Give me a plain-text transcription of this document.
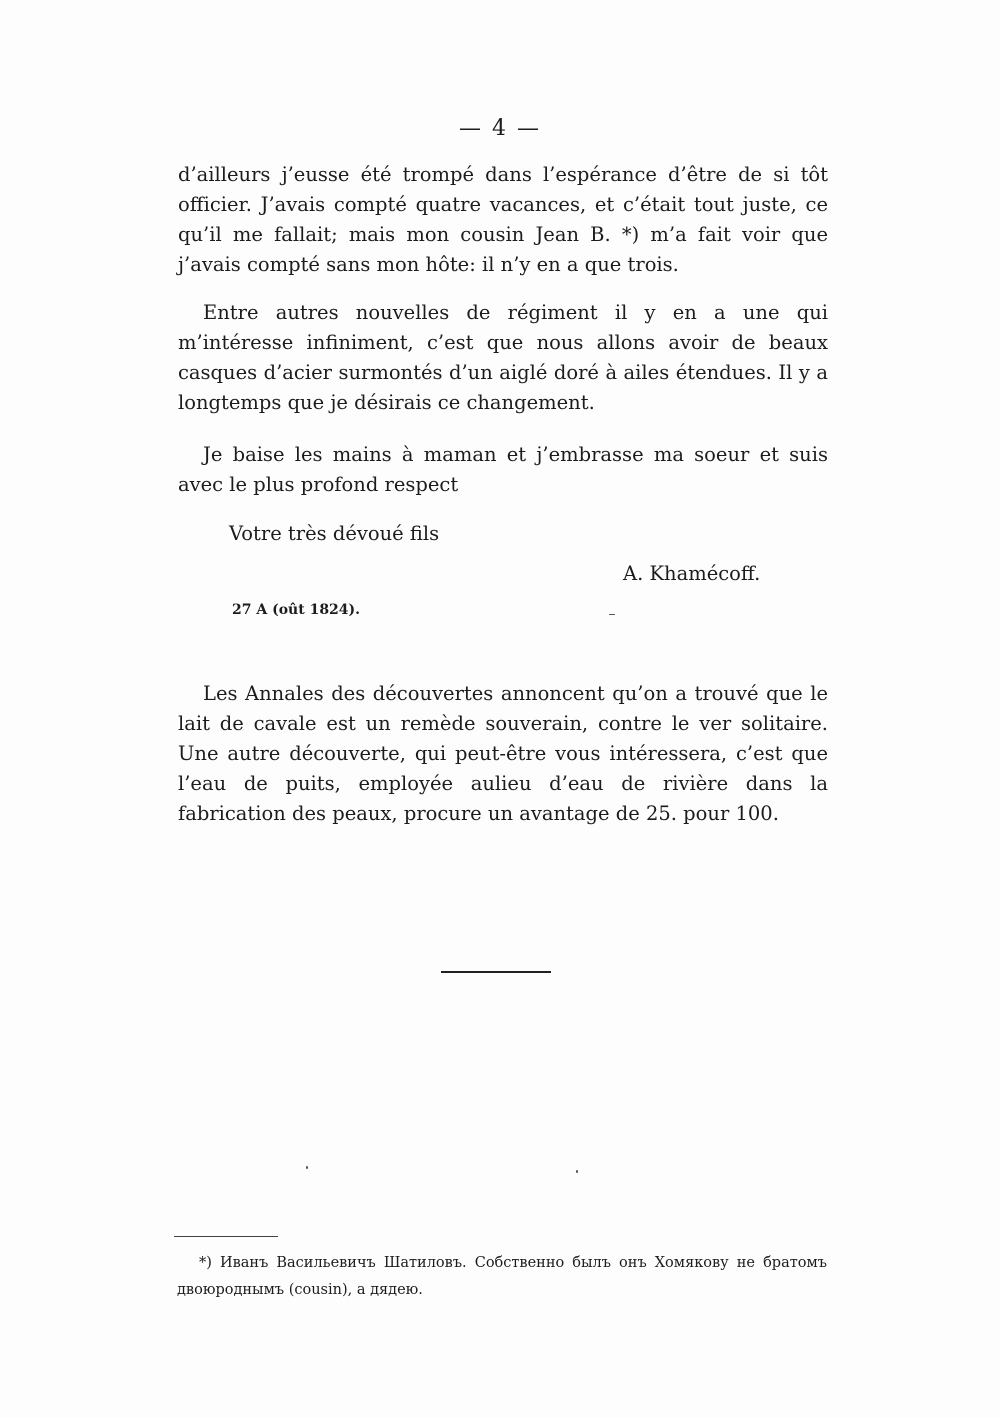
— 4 —

d’ailleurs j’eusse été trompé dans l’espérance d’être de si tôt officier. J’avais compté quatre vacances, et c’était tout juste, ce qu’il me fallait; mais mon cousin Jean B. *) m’a fait voir que j’avais compté sans mon hôte: il n’y en a que trois.

Entre autres nouvelles de régiment il y en a une qui m’intéresse infiniment, c’est que nous allons avoir de beaux casques d’acier surmontés d’un aiglé doré à ailes étendues. Il y a longtemps que je désirais ce changement.

Je baise les mains à maman et j’embrasse ma soeur et suis avec le plus profond respect

Votre très dévoué fils
A. Khamécoff.
27 A (oût 1824).

Les Annales des découvertes annoncent qu’on a trouvé que le lait de cavale est un remède souverain, contre le ver solitaire. Une autre découverte, qui peut-être vous intéressera, c’est que l’eau de puits, employée aulieu d’eau de rivière dans la fabrication des peaux, procure un avantage de 25. pour 100.

*) Иванъ Васильевичъ Шатиловъ. Собственно былъ онъ Хомякову не братомъ двоюроднымъ (cousin), а дядею.
